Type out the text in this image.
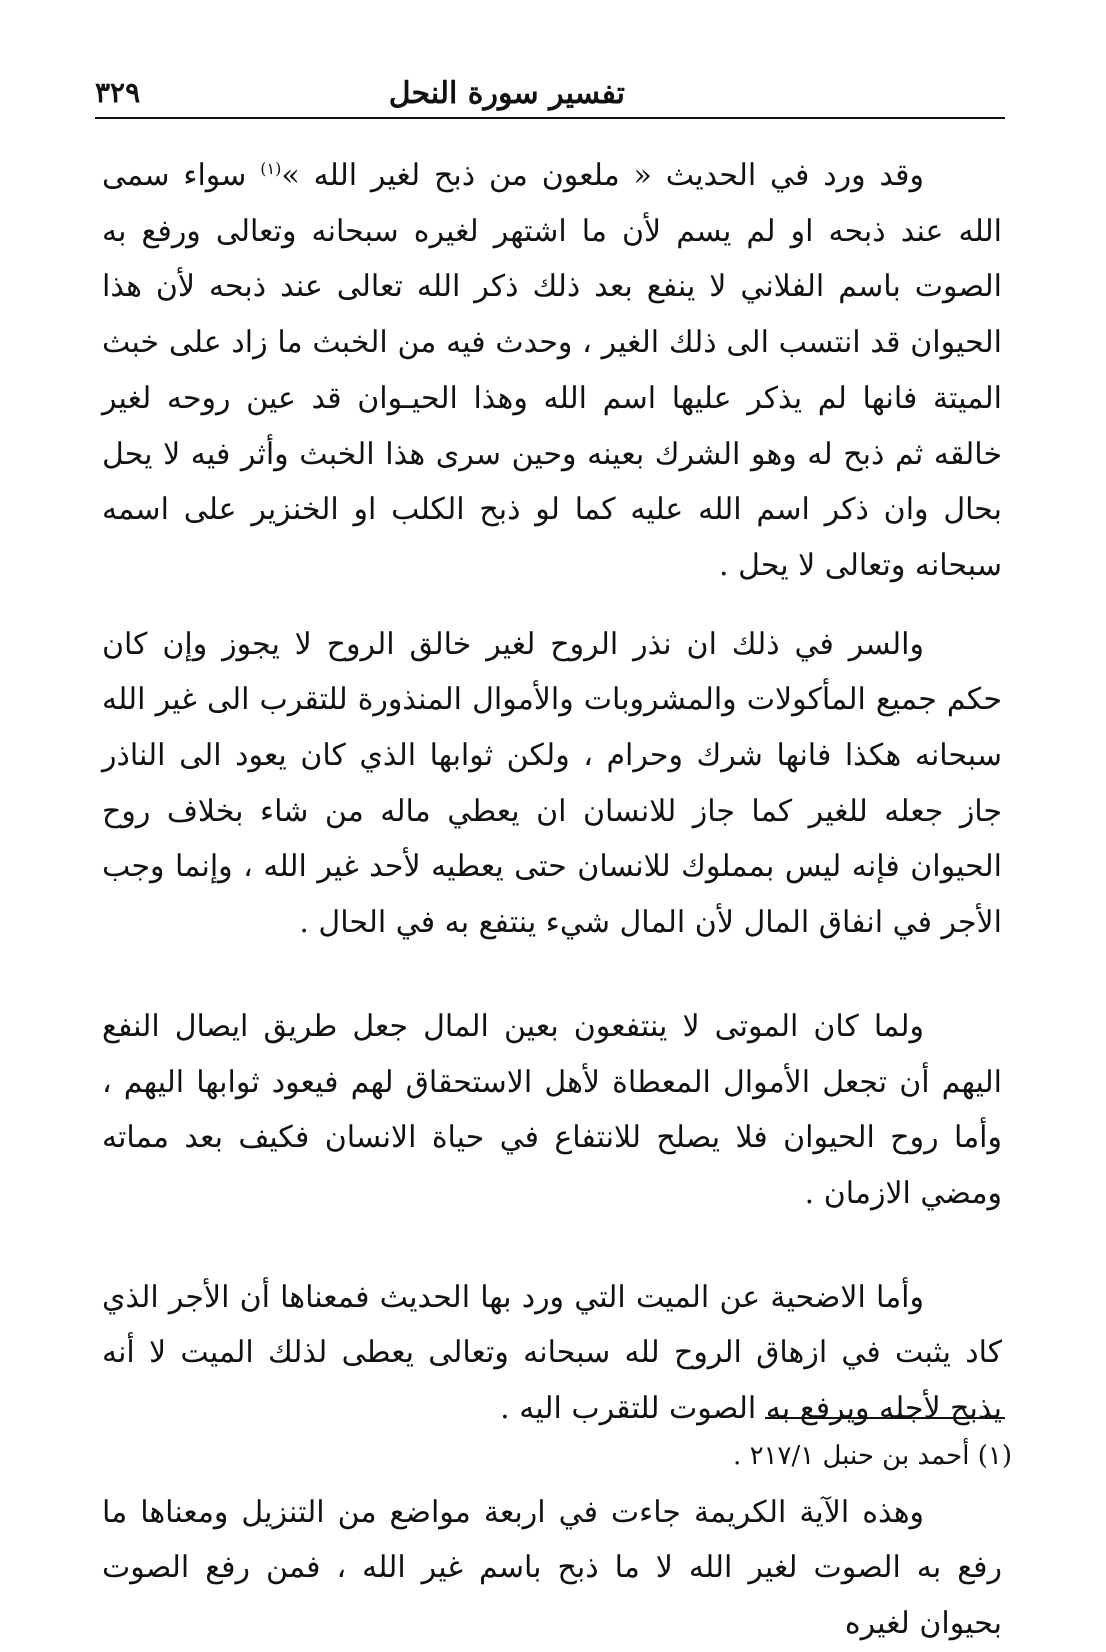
تفسير سورة النحل
٣٢٩

وقد ورد في الحديث « ملعون من ذبح لغير الله »$^{(١)}$ سواء سمى الله عند ذبحه او لم يسم لأن ما اشتهر لغيره سبحانه وتعالى ورفع به الصوت باسم الفلاني لا ينفع بعد ذلك ذكر الله تعالى عند ذبحه لأن هذا الحيوان قد انتسب الى ذلك الغير ، وحدث فيه من الخبث ما زاد على خبث الميتة فانها لم يذكر عليها اسم الله وهذا الحيـوان قد عين روحه لغير خالقه ثم ذبح له وهو الشرك بعينه وحين سرى هذا الخبث وأثر فيه لا يحل بحال وان ذكر اسم الله عليه كما لو ذبح الكلب او الخنزير على اسمه سبحانه وتعالى لا يحل .

والسر في ذلك ان نذر الروح لغير خالق الروح لا يجوز وإن كان حكم جميع المأكولات والمشروبات والأموال المنذورة للتقرب الى غير الله سبحانه هكذا فانها شرك وحرام ، ولكن ثوابها الذي كان يعود الى الناذر جاز جعله للغير كما جاز للانسان ان يعطي ماله من شاء بخلاف روح الحيوان فإنه ليس بمملوك للانسان حتى يعطيه لأحد غير الله ، وإنما وجب الأجر في انفاق المال لأن المال شيء ينتفع به في الحال .

ولما كان الموتى لا ينتفعون بعين المال جعل طريق ايصال النفع اليهم أن تجعل الأموال المعطاة لأهل الاستحقاق لهم فيعود ثوابها اليهم ، وأما روح الحيوان فلا يصلح للانتفاع في حياة الانسان فكيف بعد مماته ومضي الازمان .

وأما الاضحية عن الميت التي ورد بها الحديث فمعناها أن الأجر الذي كاد يثبت في ازهاق الروح لله سبحانه وتعالى يعطى لذلك الميت لا أنه يذبح لأجله ويرفع به الصوت للتقرب اليه .

وهذه الآية الكريمة جاءت في اربعة مواضع من التنزيل ومعناها ما رفع به الصوت لغير الله لا ما ذبح باسم غير الله ، فمن رفع الصوت بحيوان لغيره

(١) أحمد بن حنبل ٢١٧/١ .
